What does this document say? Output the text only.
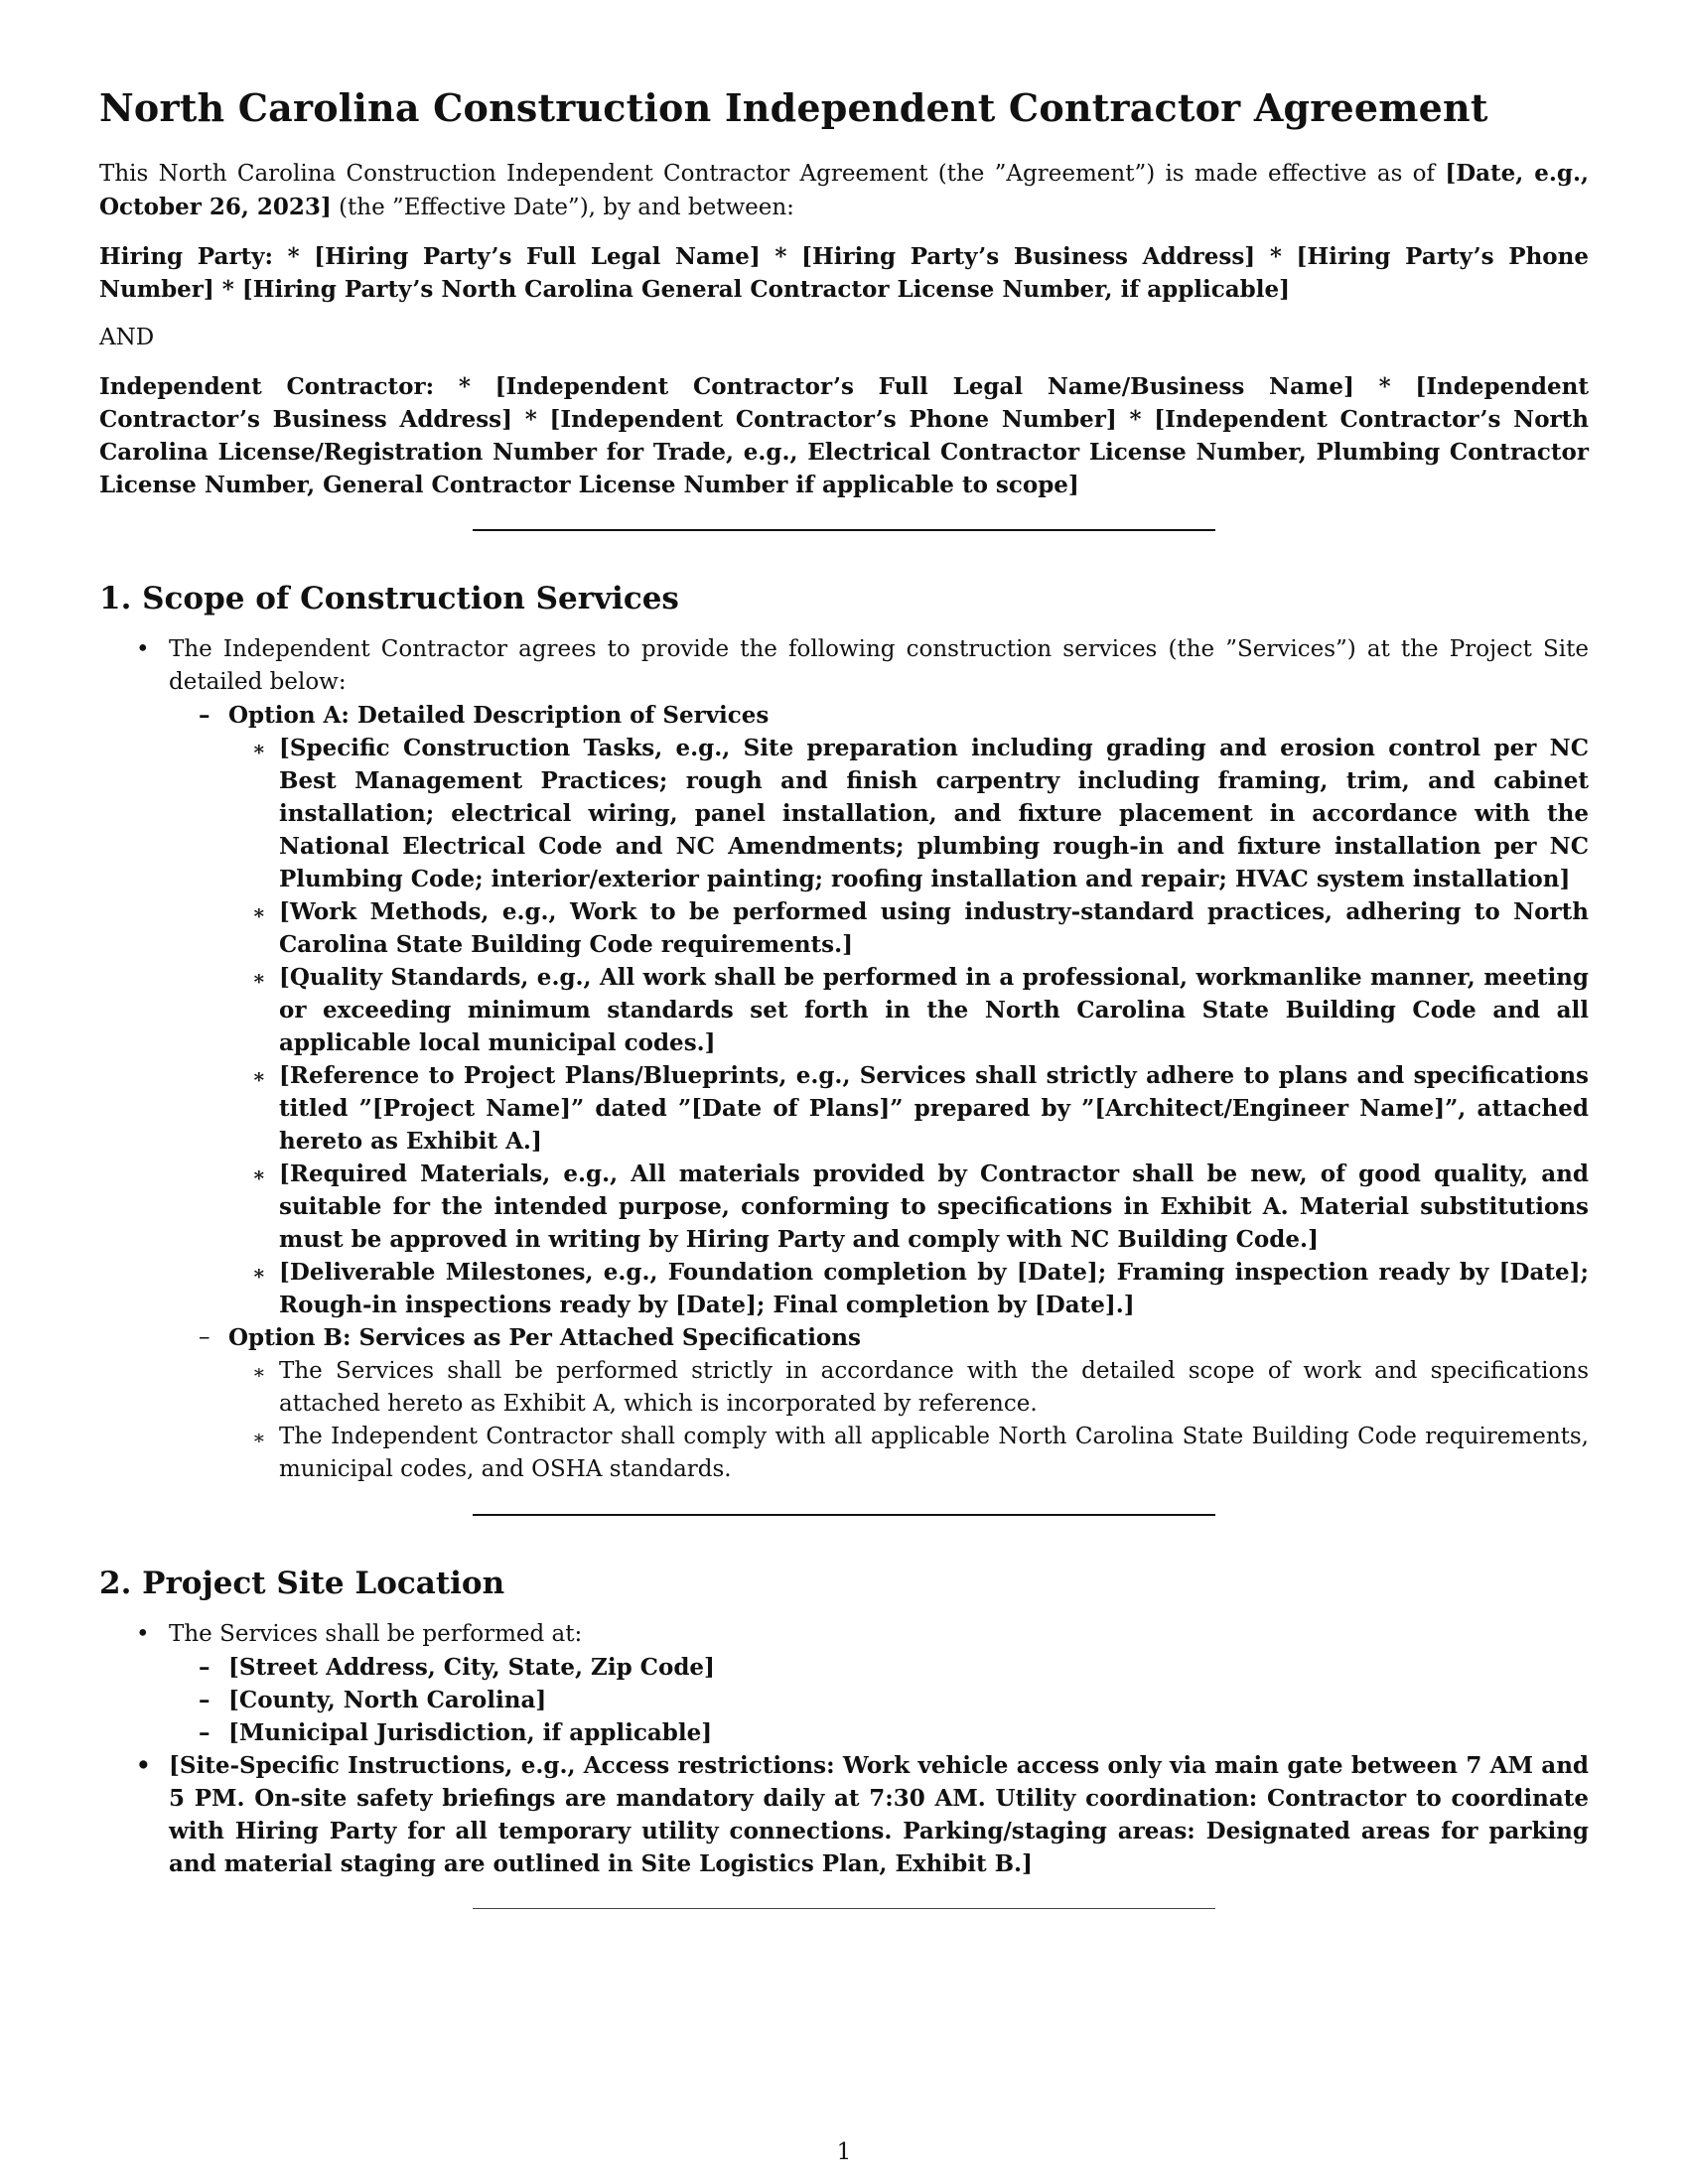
North Carolina Construction Independent Contractor Agreement

This North Carolina Construction Independent Contractor Agreement (the ”Agreement”) is made effective as of [Date, e.g., October 26, 2023] (the ”Effective Date”), by and between:

Hiring Party: * [Hiring Party’s Full Legal Name] * [Hiring Party’s Business Address] * [Hiring Party’s Phone Number] * [Hiring Party’s North Carolina General Contractor License Number, if applicable]

AND

Independent Contractor: * [Independent Contractor’s Full Legal Name/Business Name] * [Independent Contractor’s Business Address] * [Independent Contractor’s Phone Number] * [Independent Contractor’s North Carolina License/Registration Number for Trade, e.g., Electrical Contractor License Number, Plumbing Contractor License Number, General Contractor License Number if applicable to scope]

1. Scope of Construction Services
• The Independent Contractor agrees to provide the following construction services (the ”Services”) at the Project Site detailed below:
– Option A: Detailed Description of Services
∗ [Specific Construction Tasks, e.g., Site preparation including grading and erosion control per NC Best Management Practices; rough and finish carpentry including framing, trim, and cabinet installation; electrical wiring, panel installation, and fixture placement in accordance with the National Electrical Code and NC Amendments; plumbing rough-in and fixture installation per NC Plumbing Code; interior/exterior painting; roofing installation and repair; HVAC system installation]
∗ [Work Methods, e.g., Work to be performed using industry-standard practices, adhering to North Carolina State Building Code requirements.]
∗ [Quality Standards, e.g., All work shall be performed in a professional, workmanlike manner, meeting or exceeding minimum standards set forth in the North Carolina State Building Code and all applicable local municipal codes.]
∗ [Reference to Project Plans/Blueprints, e.g., Services shall strictly adhere to plans and specifications titled ”[Project Name]” dated ”[Date of Plans]” prepared by ”[Architect/Engineer Name]”, attached hereto as Exhibit A.]
∗ [Required Materials, e.g., All materials provided by Contractor shall be new, of good quality, and suitable for the intended purpose, conforming to specifications in Exhibit A. Material substitutions must be approved in writing by Hiring Party and comply with NC Building Code.]
∗ [Deliverable Milestones, e.g., Foundation completion by [Date]; Framing inspection ready by [Date]; Rough-in inspections ready by [Date]; Final completion by [Date].]
– Option B: Services as Per Attached Specifications
∗ The Services shall be performed strictly in accordance with the detailed scope of work and specifications attached hereto as Exhibit A, which is incorporated by reference.
∗ The Independent Contractor shall comply with all applicable North Carolina State Building Code requirements, municipal codes, and OSHA standards.
2. Project Site Location
• The Services shall be performed at:
– [Street Address, City, State, Zip Code]
– [County, North Carolina]
– [Municipal Jurisdiction, if applicable]
• [Site-Specific Instructions, e.g., Access restrictions: Work vehicle access only via main gate between 7 AM and 5 PM. On-site safety briefings are mandatory daily at 7:30 AM. Utility coordination: Contractor to coordinate with Hiring Party for all temporary utility connections. Parking/staging areas: Designated areas for parking and material staging are outlined in Site Logistics Plan, Exhibit B.]
1
